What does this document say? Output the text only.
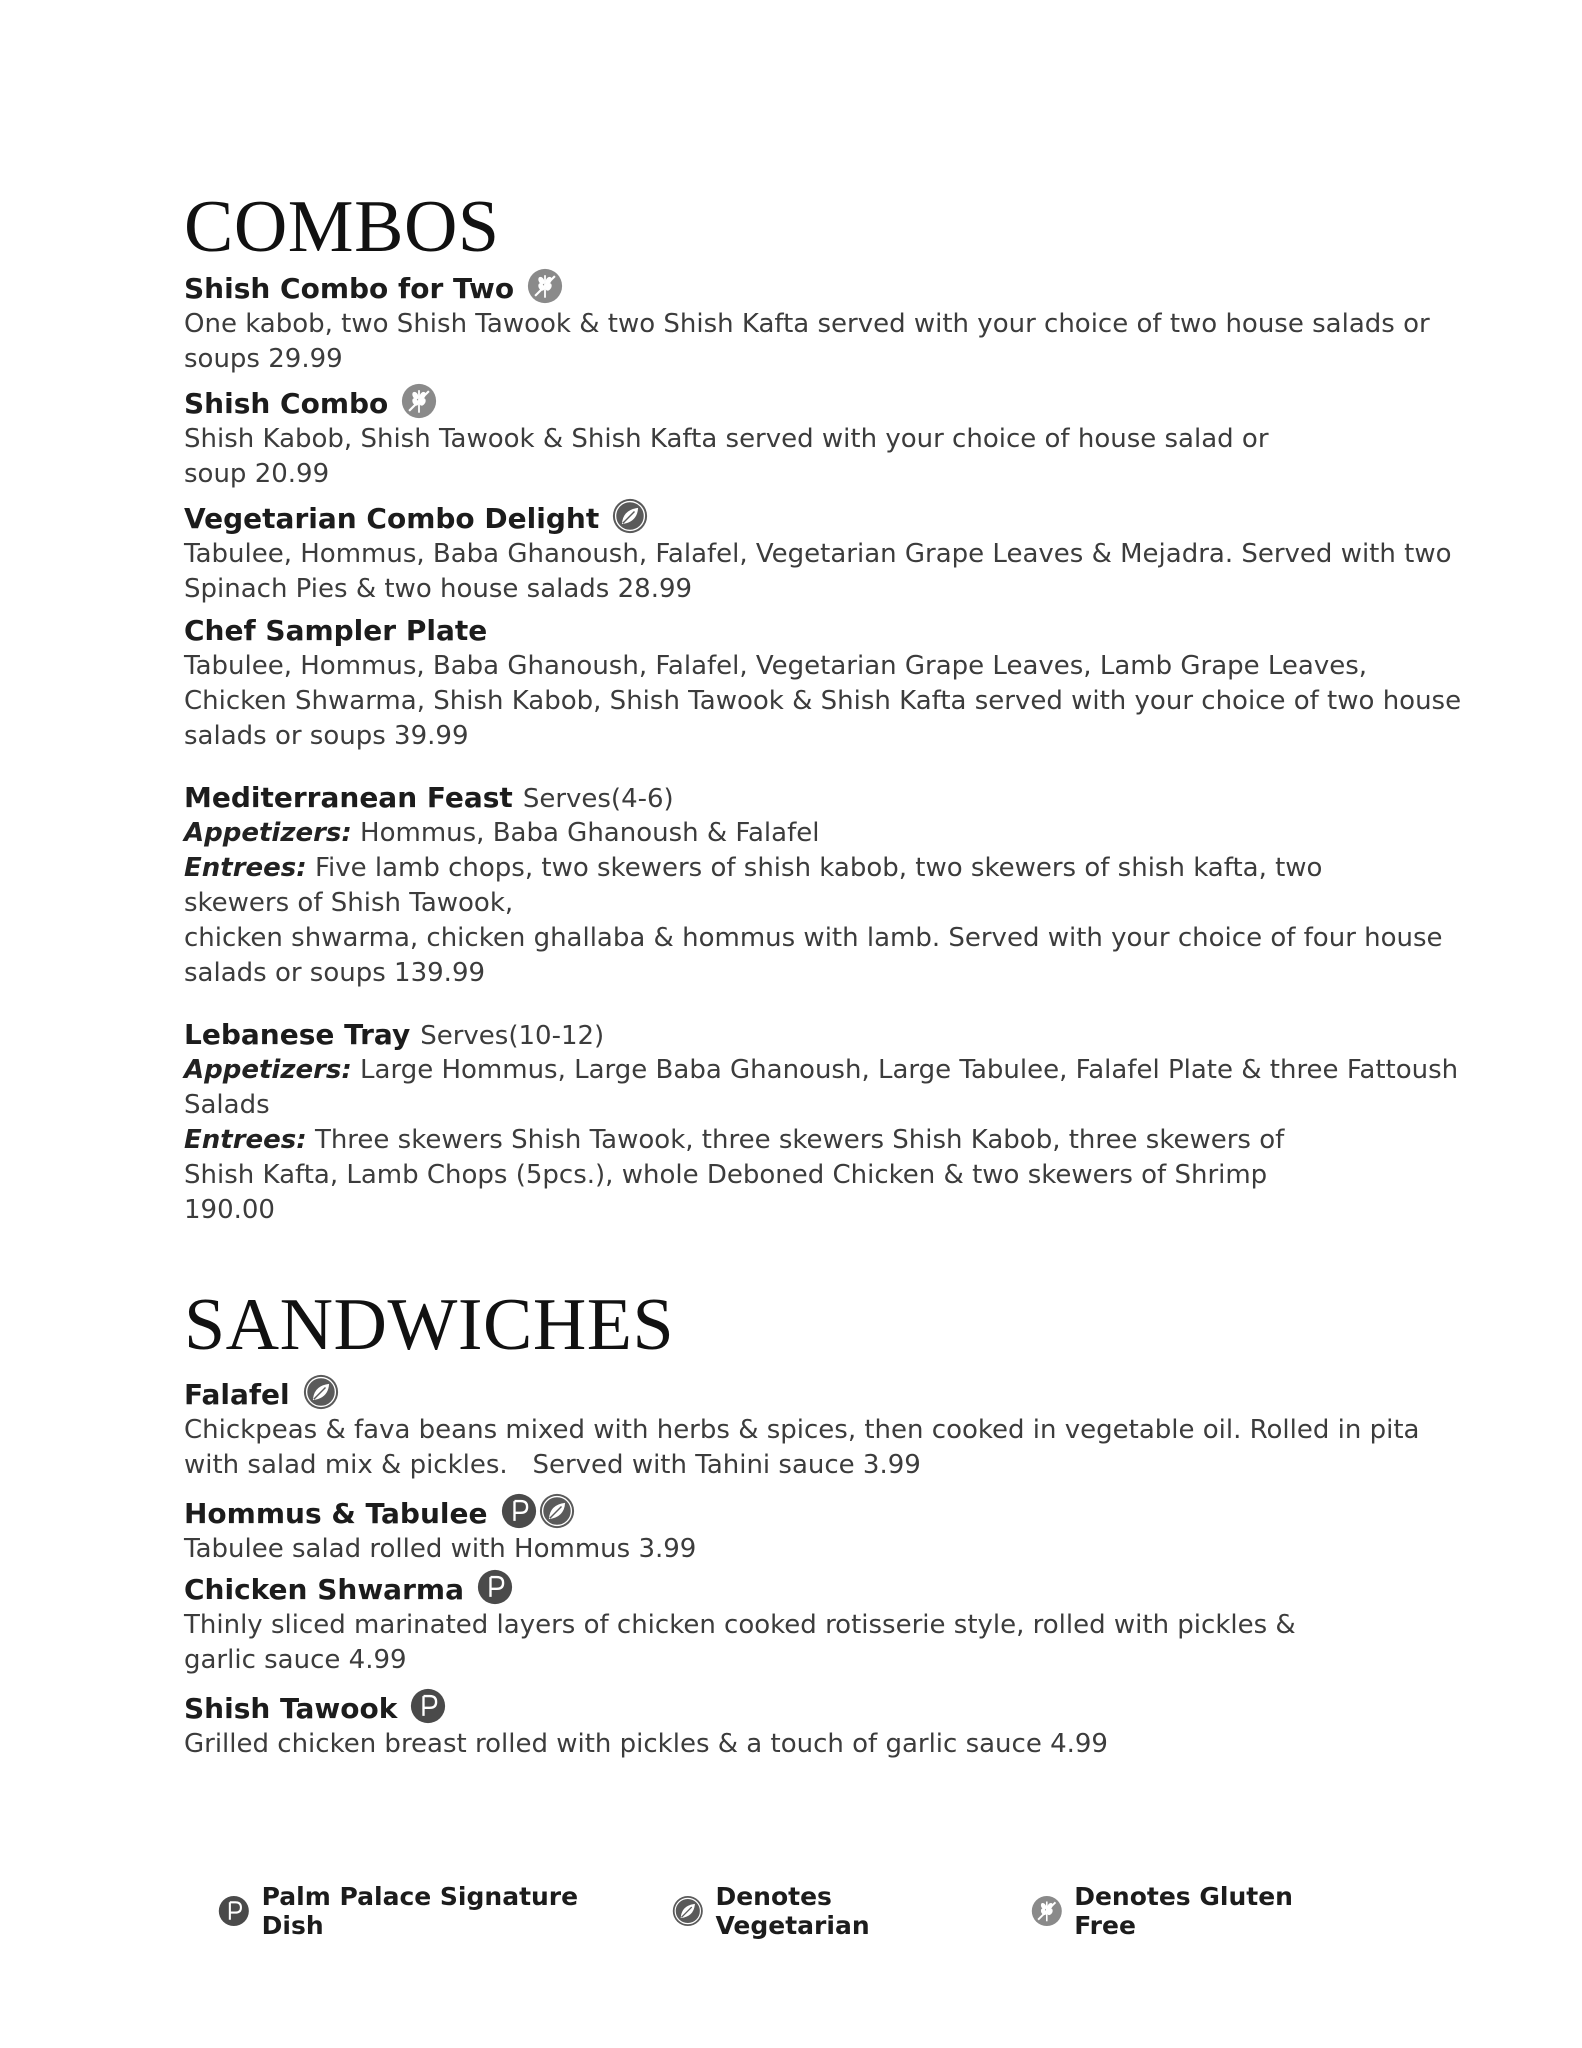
COMBOS
Shish Combo for Two
One kabob, two Shish Tawook & two Shish Kafta served with your choice of two house salads or soups 29.99
Shish Combo
Shish Kabob, Shish Tawook & Shish Kafta served with your choice of house salad or soup 20.99
Vegetarian Combo Delight
Tabulee, Hommus, Baba Ghanoush, Falafel, Vegetarian Grape Leaves & Mejadra. Served with two Spinach Pies & two house salads 28.99
Chef Sampler Plate
Tabulee, Hommus, Baba Ghanoush, Falafel, Vegetarian Grape Leaves, Lamb Grape Leaves, Chicken Shwarma, Shish Kabob, Shish Tawook & Shish Kafta served with your choice of two house salads or soups 39.99
Mediterranean Feast Serves(4-6)
Appetizers: Hommus, Baba Ghanoush & Falafel
Entrees: Five lamb chops, two skewers of shish kabob, two skewers of shish kafta, two skewers of Shish Tawook,
chicken shwarma, chicken ghallaba & hommus with lamb. Served with your choice of four house salads or soups 139.99
Lebanese Tray Serves(10-12)
Appetizers: Large Hommus, Large Baba Ghanoush, Large Tabulee, Falafel Plate & three Fattoush Salads
Entrees: Three skewers Shish Tawook, three skewers Shish Kabob, three skewers of Shish Kafta, Lamb Chops (5pcs.), whole Deboned Chicken & two skewers of Shrimp
190.00
SANDWICHES
Falafel
Chickpeas & fava beans mixed with herbs & spices, then cooked in vegetable oil. Rolled in pita with salad mix & pickles.   Served with Tahini sauce 3.99
Hommus & Tabulee
Tabulee salad rolled with Hommus 3.99
Chicken Shwarma
Thinly sliced marinated layers of chicken cooked rotisserie style, rolled with pickles & garlic sauce 4.99
Shish Tawook
Grilled chicken breast rolled with pickles & a touch of garlic sauce 4.99
Palm Palace Signature Dish
Denotes Vegetarian
Denotes Gluten Free
